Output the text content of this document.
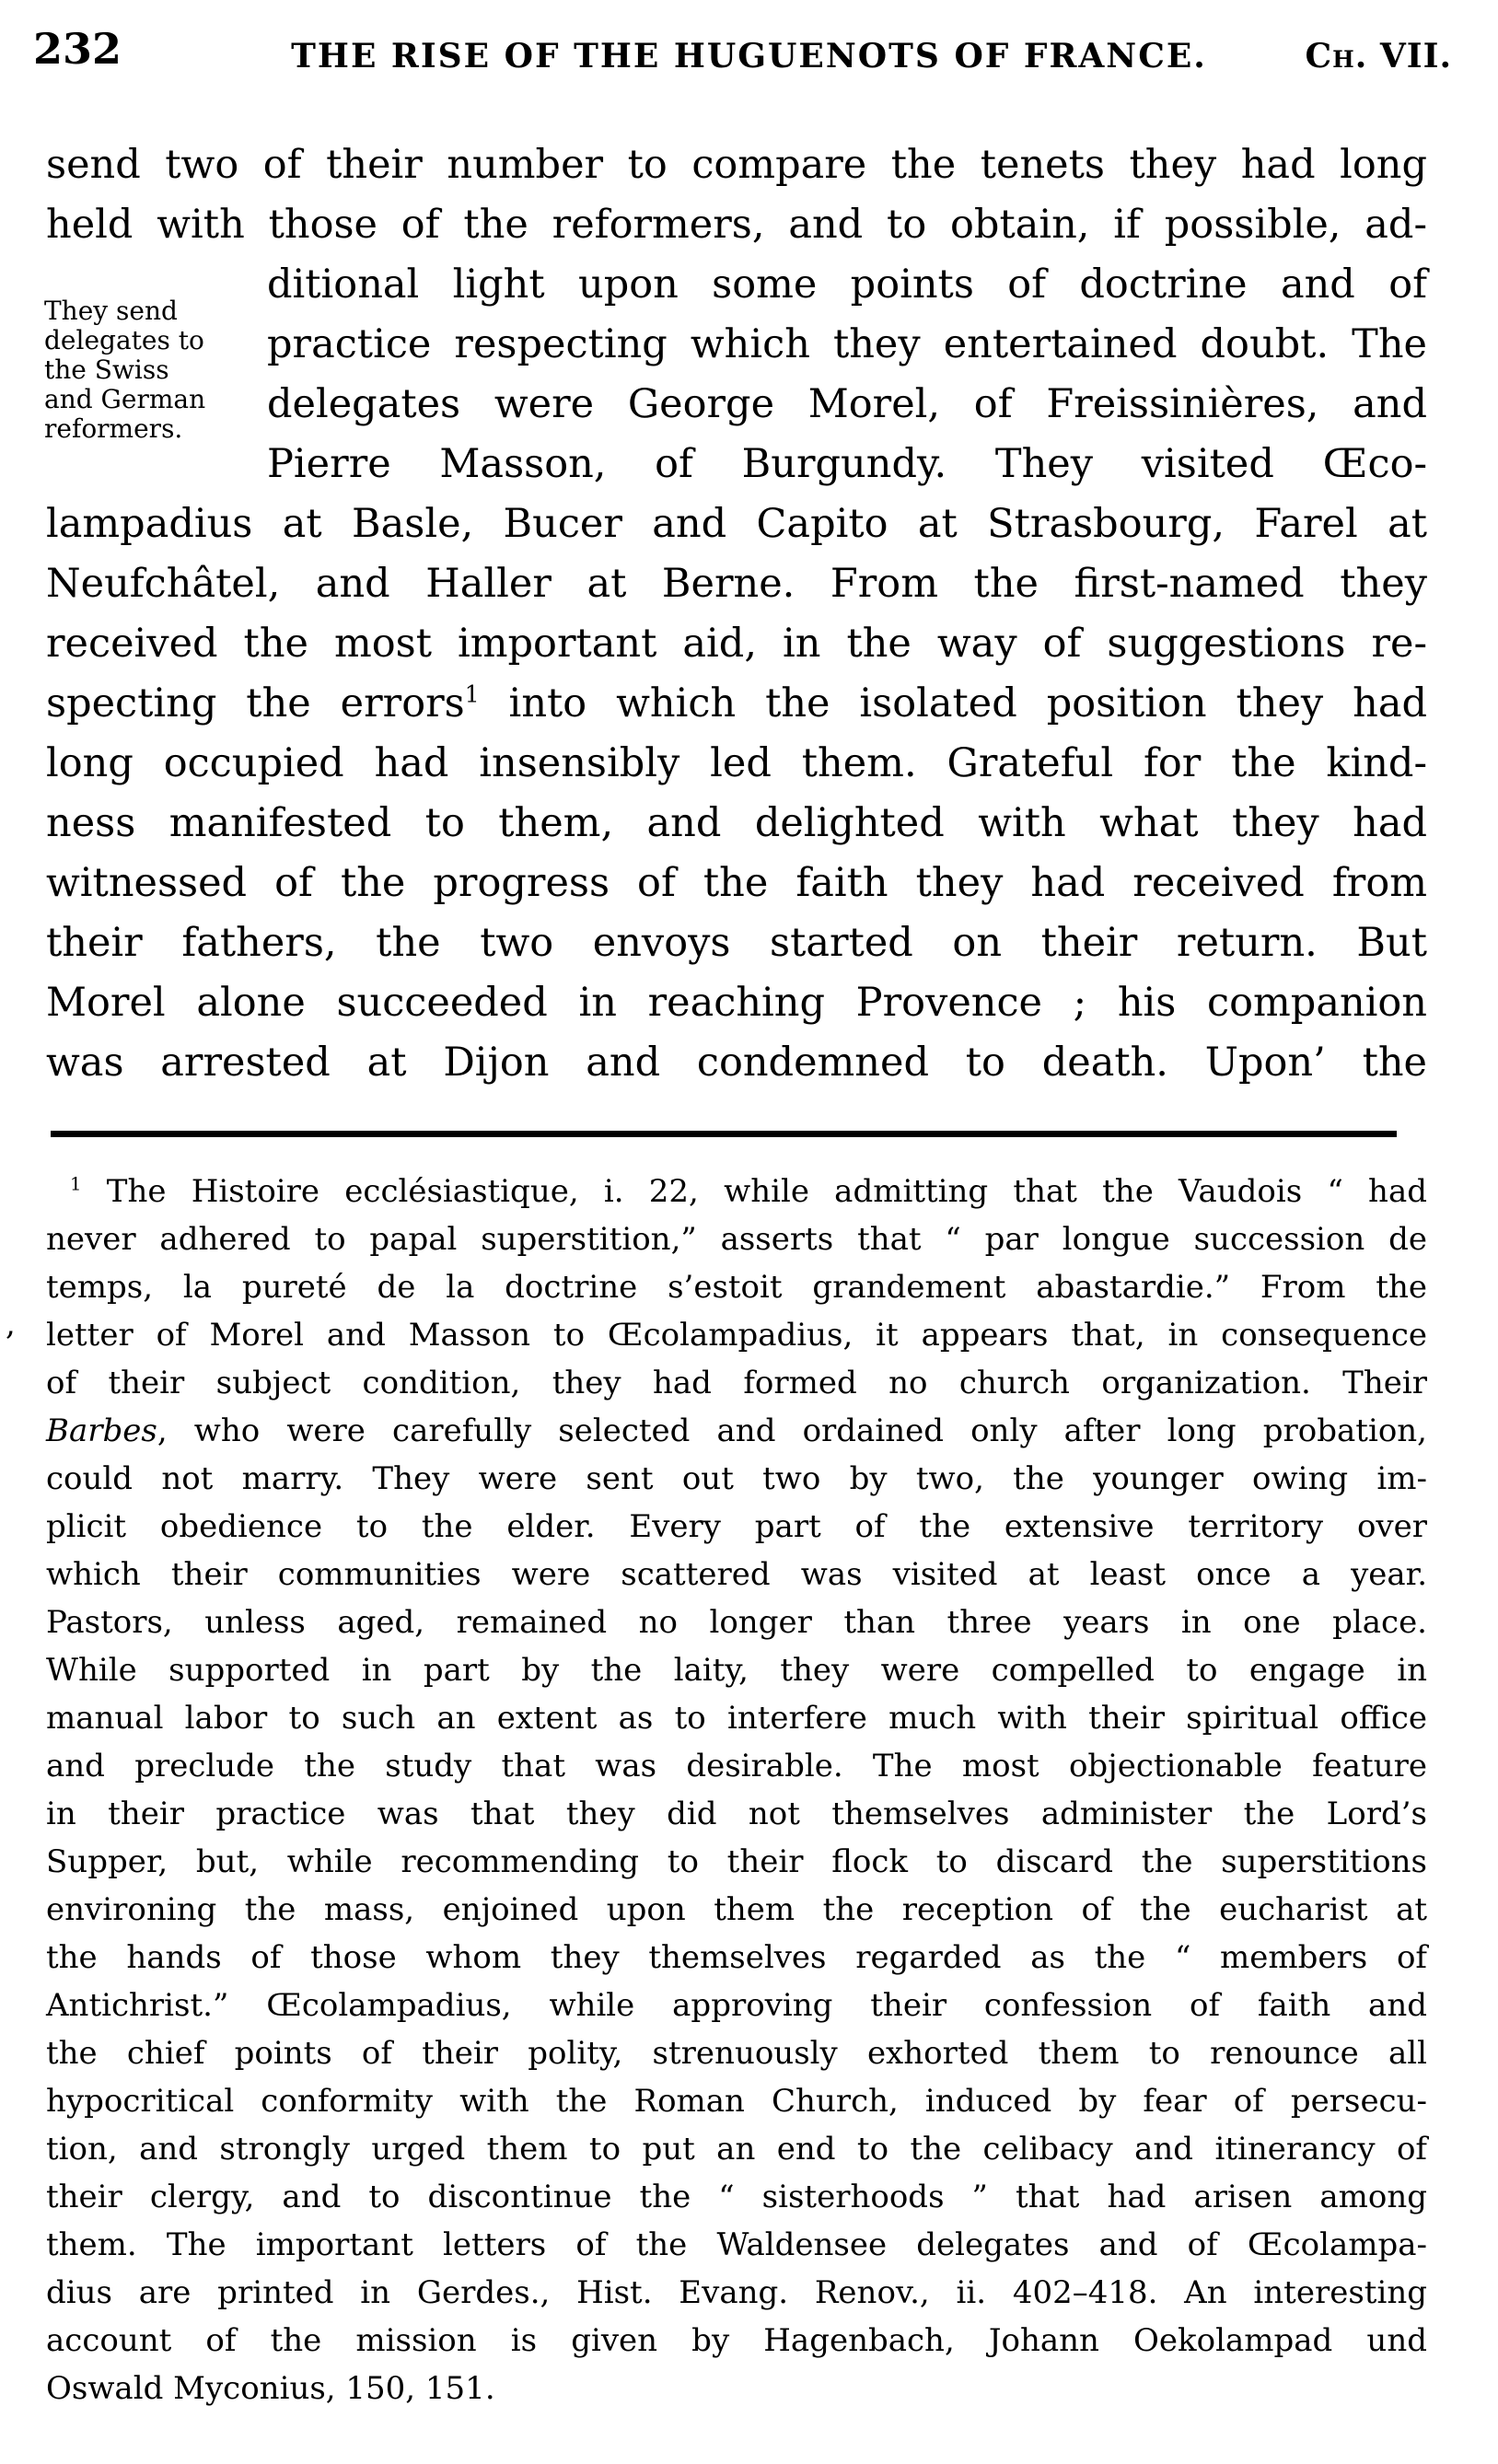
232	THE RISE OF THE HUGUENOTS OF FRANCE.	Ch. VII.
They send
delegates to
the Swiss
and German
reformers.
send two of their number to compare the tenets they had long
held with those of the reformers, and to obtain, if possible, ad-
ditional light upon some points of doctrine and of
practice respecting which they entertained doubt. The
delegates were George Morel, of Freissinières, and
Pierre Masson, of Burgundy. They visited Œco-
lampadius at Basle, Bucer and Capito at Strasbourg, Farel at
Neufchâtel, and Haller at Berne. From the first-named they
received the most important aid, in the way of suggestions re-
specting the errors$^1$ into which the isolated position they had
long occupied had insensibly led them. Grateful for the kind-
ness manifested to them, and delighted with what they had
witnessed of the progress of the faith they had received from
their fathers, the two envoys started on their return. But
Morel alone succeeded in reaching Provence ; his companion
was arrested at Dijon and condemned to death. Upon’ the
$^1$ The Histoire ecclésiastique, i. 22, while admitting that the Vaudois “ had
never adhered to papal superstition,” asserts that “ par longue succession de
temps, la pureté de la doctrine s’estoit grandement abastardie.” From the
letter of Morel and Masson to Œcolampadius, it appears that, in consequence
of their subject condition, they had formed no church organization. Their
Barbes, who were carefully selected and ordained only after long probation,
could not marry. They were sent out two by two, the younger owing im-
plicit obedience to the elder. Every part of the extensive territory over
which their communities were scattered was visited at least once a year.
Pastors, unless aged, remained no longer than three years in one place.
While supported in part by the laity, they were compelled to engage in
manual labor to such an extent as to interfere much with their spiritual office
and preclude the study that was desirable. The most objectionable feature
in their practice was that they did not themselves administer the Lord’s
Supper, but, while recommending to their flock to discard the superstitions
environing the mass, enjoined upon them the reception of the eucharist at
the hands of those whom they themselves regarded as the “ members of
Antichrist.” Œcolampadius, while approving their confession of faith and
the chief points of their polity, strenuously exhorted them to renounce all
hypocritical conformity with the Roman Church, induced by fear of persecu-
tion, and strongly urged them to put an end to the celibacy and itinerancy of
their clergy, and to discontinue the “ sisterhoods ” that had arisen among
them. The important letters of the Waldensee delegates and of Œcolampa-
dius are printed in Gerdes., Hist. Evang. Renov., ii. 402–418. An interesting
account of the mission is given by Hagenbach, Johann Oekolampad und
Oswald Myconius, 150, 151.
,
